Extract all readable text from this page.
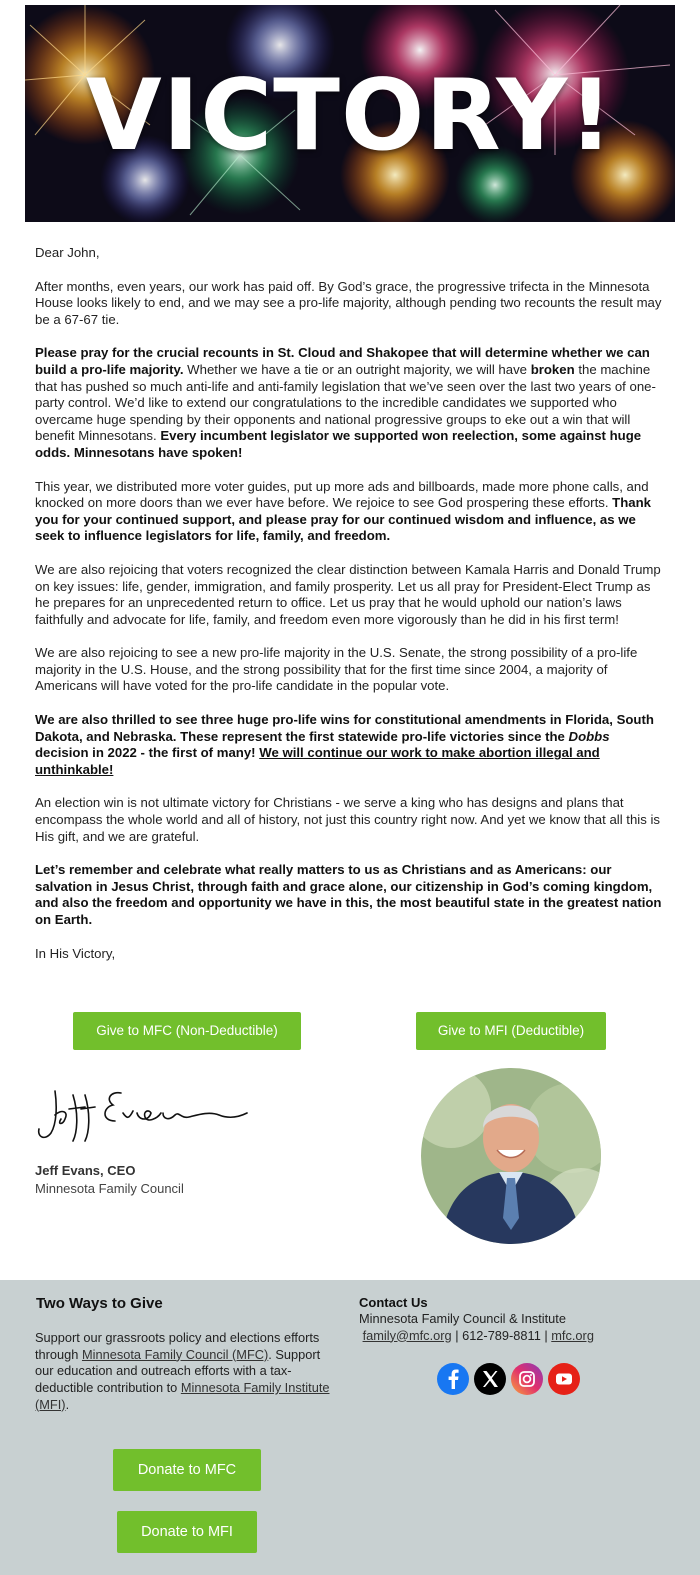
VICTORY!

Dear John,

After months, even years, our work has paid off. By God’s grace, the progressive trifecta in the Minnesota House looks likely to end, and we may see a pro-life majority, although pending two recounts the result may be a 67-67 tie.

Please pray for the crucial recounts in St. Cloud and Shakopee that will determine whether we can build a pro-life majority. Whether we have a tie or an outright majority, we will have broken the machine that has pushed so much anti-life and anti-family legislation that we’ve seen over the last two years of one-party control. We’d like to extend our congratulations to the incredible candidates we supported who overcame huge spending by their opponents and national progressive groups to eke out a win that will benefit Minnesotans. Every incumbent legislator we supported won reelection, some against huge odds. Minnesotans have spoken!

This year, we distributed more voter guides, put up more ads and billboards, made more phone calls, and knocked on more doors than we ever have before. We rejoice to see God prospering these efforts. Thank you for your continued support, and please pray for our continued wisdom and influence, as we seek to influence legislators for life, family, and freedom.

We are also rejoicing that voters recognized the clear distinction between Kamala Harris and Donald Trump on key issues: life, gender, immigration, and family prosperity. Let us all pray for President-Elect Trump as he prepares for an unprecedented return to office. Let us pray that he would uphold our nation’s laws faithfully and advocate for life, family, and freedom even more vigorously than he did in his first term!

We are also rejoicing to see a new pro-life majority in the U.S. Senate, the strong possibility of a pro-life majority in the U.S. House, and the strong possibility that for the first time since 2004, a majority of Americans will have voted for the pro-life candidate in the popular vote.

We are also thrilled to see three huge pro-life wins for constitutional amendments in Florida, South Dakota, and Nebraska. These represent the first statewide pro-life victories since the Dobbs decision in 2022 - the first of many! We will continue our work to make abortion illegal and unthinkable!

An election win is not ultimate victory for Christians - we serve a king who has designs and plans that encompass the whole world and all of history, not just this country right now. And yet we know that all this is His gift, and we are grateful.

Let’s remember and celebrate what really matters to us as Christians and as Americans: our salvation in Jesus Christ, through faith and grace alone, our citizenship in God’s coming kingdom, and also the freedom and opportunity we have in this, the most beautiful state in the greatest nation on Earth.

In His Victory,

Give to MFC (Non-Deductible)	Give to MFI (Deductible)
Jeff Evans, CEO
Minnesota Family Council
Two Ways to Give
Support our grassroots policy and elections efforts through Minnesota Family Council (MFC). Support our education and outreach efforts with a tax-deductible contribution to Minnesota Family Institute (MFI).
Contact Us
Minnesota Family Council & Institute
family@mfc.org | 612-789-8811 | mfc.org
Donate to MFC
Donate to MFI
